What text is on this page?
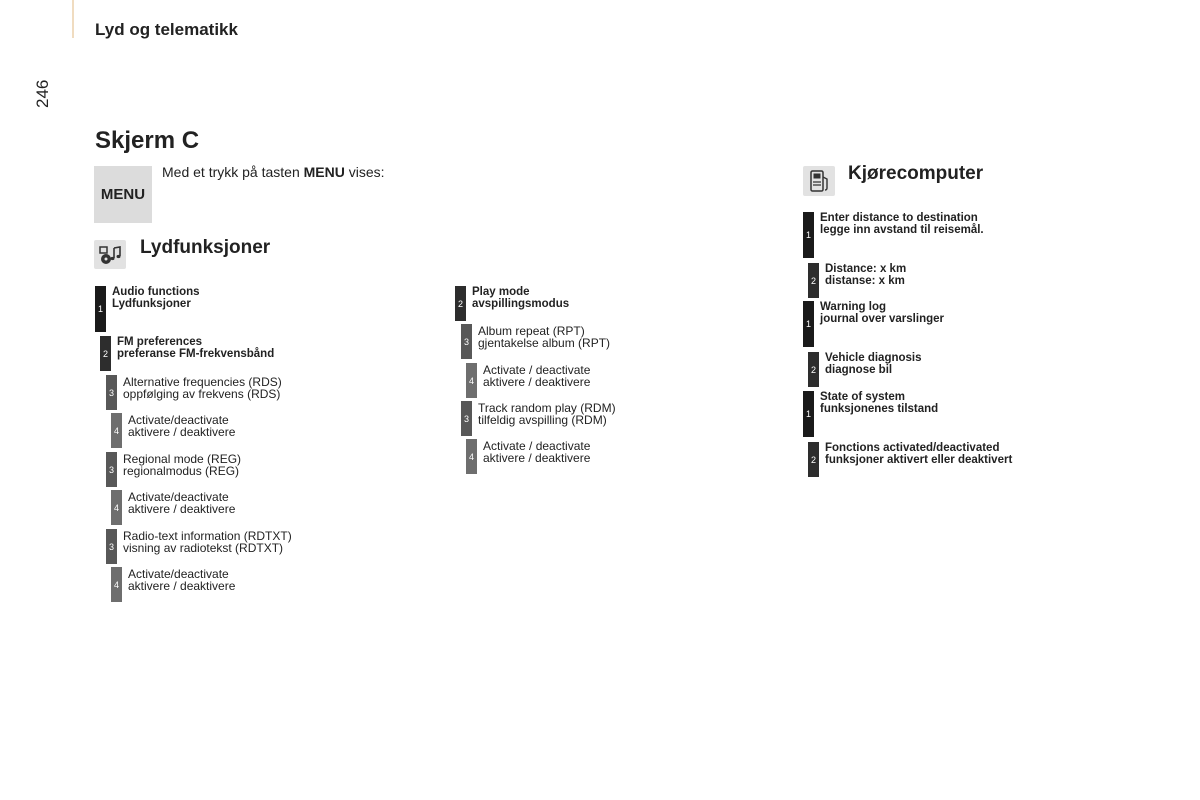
Lyd og telematikk
246
Skjerm C
MENU
Med et trykk på tasten MENU vises:
Lydfunksjoner
Kjørecomputer
1
Audio functions
Lydfunksjoner
2
FM preferences
preferanse FM-frekvensbånd
3
Alternative frequencies (RDS)
oppfølging av frekvens (RDS)
4
Activate/deactivate
aktivere / deaktivere
3
Regional mode (REG)
regionalmodus (REG)
4
Activate/deactivate
aktivere / deaktivere
3
Radio-text information (RDTXT)
visning av radiotekst (RDTXT)
4
Activate/deactivate
aktivere / deaktivere
2
Play mode
avspillingsmodus
3
Album repeat (RPT)
gjentakelse album (RPT)
4
Activate / deactivate
aktivere / deaktivere
3
Track random play (RDM)
tilfeldig avspilling (RDM)
4
Activate / deactivate
aktivere / deaktivere
1
Enter distance to destination
legge inn avstand til reisemål.
2
Distance: x km
distanse: x km
1
Warning log
journal over varslinger
2
Vehicle diagnosis
diagnose bil
1
State of system
funksjonenes tilstand
2
Fonctions activated/deactivated
funksjoner aktivert eller deaktivert
